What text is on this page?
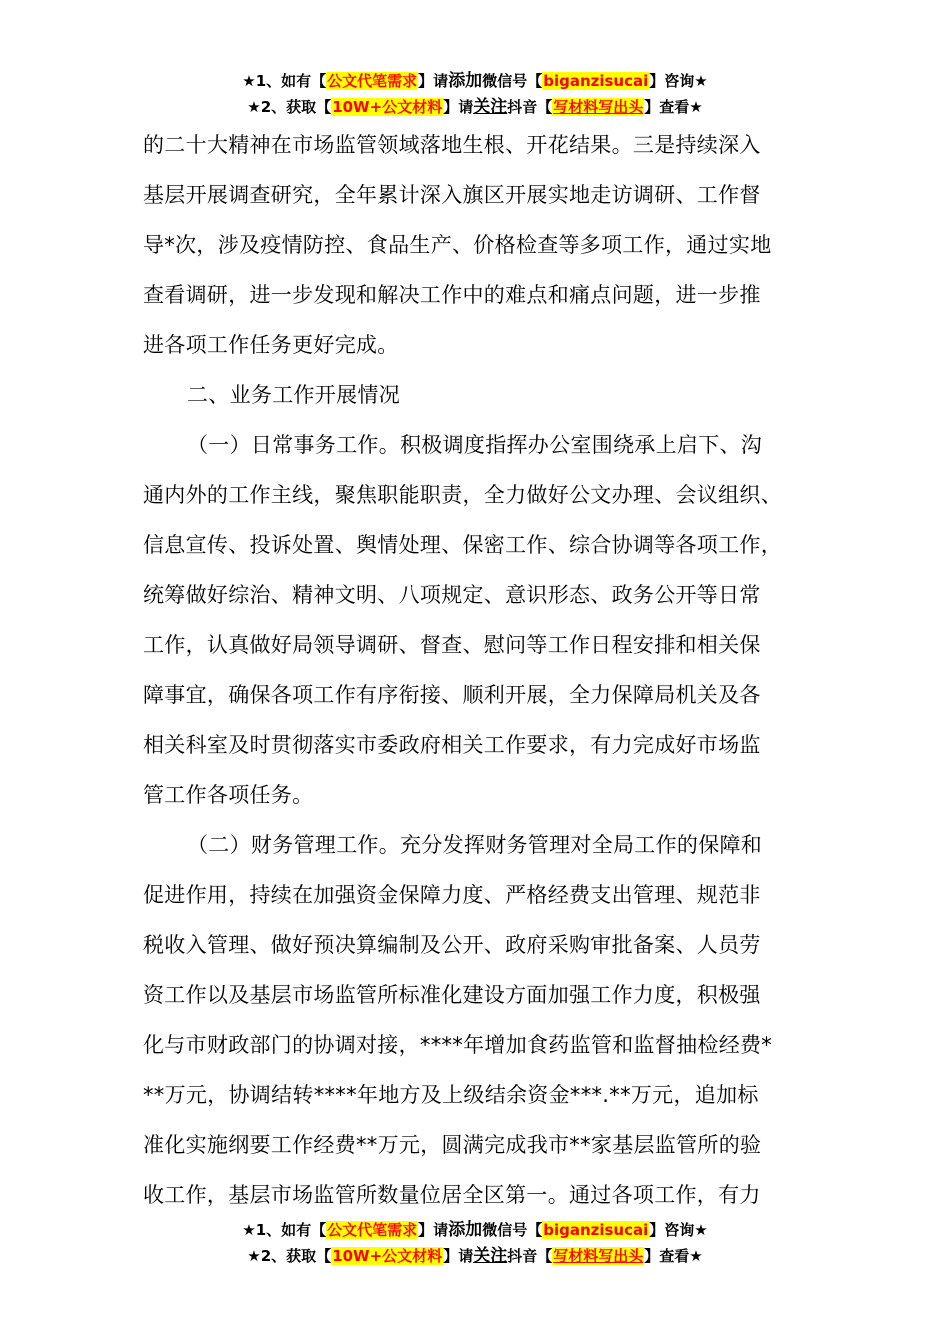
★1、如有【公文代笔需求】请添加微信号【biganzisucai】咨询★
★2、获取【10W+公文材料】请关注抖音【写材料写出头】查看★
的二十大精神在市场监管领域落地生根、开花结果。三是持续深入
基层开展调查研究，全年累计深入旗区开展实地走访调研、工作督
导*次，涉及疫情防控、食品生产、价格检查等多项工作，通过实地
查看调研，进一步发现和解决工作中的难点和痛点问题，进一步推
进各项工作任务更好完成。
二、业务工作开展情况
（一）日常事务工作。积极调度指挥办公室围绕承上启下、沟
通内外的工作主线，聚焦职能职责，全力做好公文办理、会议组织、
信息宣传、投诉处置、舆情处理、保密工作、综合协调等各项工作，
统筹做好综治、精神文明、八项规定、意识形态、政务公开等日常
工作，认真做好局领导调研、督查、慰问等工作日程安排和相关保
障事宜，确保各项工作有序衔接、顺利开展，全力保障局机关及各
相关科室及时贯彻落实市委政府相关工作要求，有力完成好市场监
管工作各项任务。
（二）财务管理工作。充分发挥财务管理对全局工作的保障和
促进作用，持续在加强资金保障力度、严格经费支出管理、规范非
税收入管理、做好预决算编制及公开、政府采购审批备案、人员劳
资工作以及基层市场监管所标准化建设方面加强工作力度，积极强
化与市财政部门的协调对接，****年增加食药监管和监督抽检经费*
**万元，协调结转****年地方及上级结余资金***.**万元，追加标
准化实施纲要工作经费**万元，圆满完成我市**家基层监管所的验
收工作，基层市场监管所数量位居全区第一。通过各项工作，有力
★1、如有【公文代笔需求】请添加微信号【biganzisucai】咨询★
★2、获取【10W+公文材料】请关注抖音【写材料写出头】查看★
